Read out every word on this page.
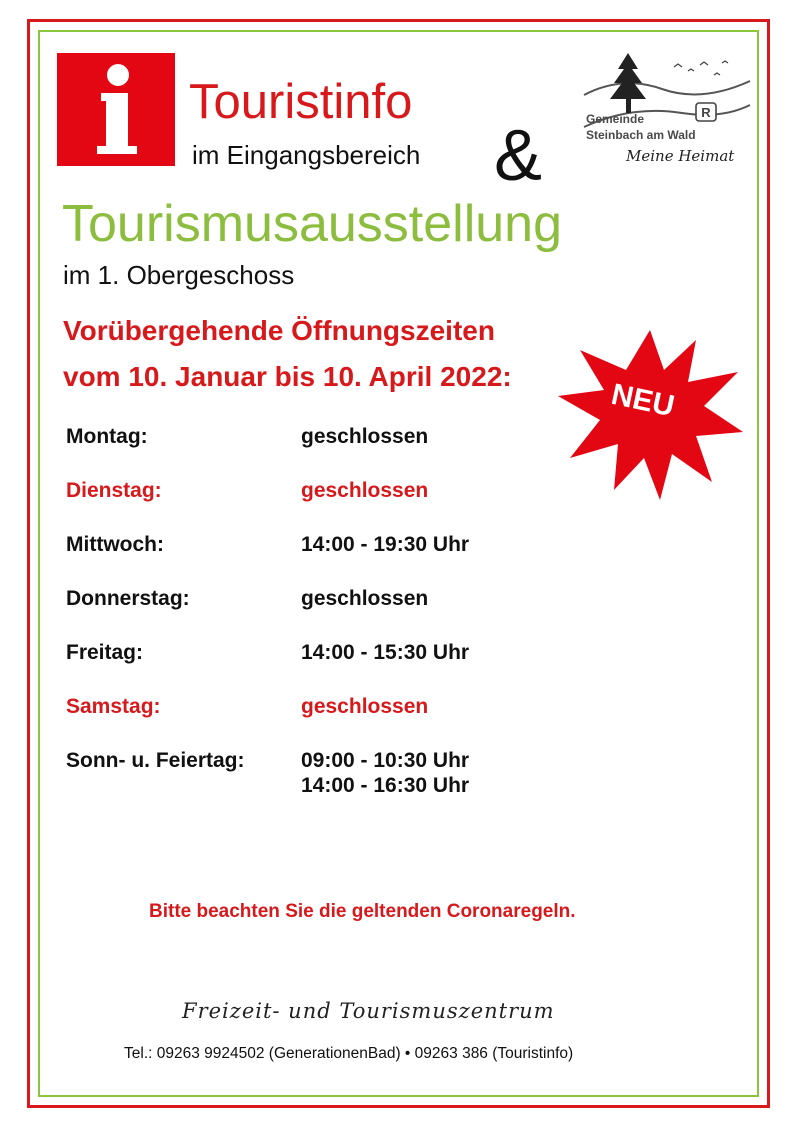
Touristinfo
im Eingangsbereich &
R
Gemeinde
Steinbach am Wald
Meine Heimat
Tourismusausstellung
im 1. Obergeschoss
Vorübergehende Öffnungszeiten
vom 10. Januar bis 10. April 2022:
NEU
Montag:	geschlossen
Dienstag:	geschlossen
Mittwoch:	14:00 - 19:30 Uhr
Donnerstag:	geschlossen
Freitag:	14:00 - 15:30 Uhr
Samstag:	geschlossen
Sonn- u. Feiertag:	09:00 - 10:30 Uhr
14:00 - 16:30 Uhr
Bitte beachten Sie die geltenden Coronaregeln.
Freizeit- und Tourismuszentrum
Tel.: 09263 9924502 (GenerationenBad) • 09263 386 (Touristinfo)
